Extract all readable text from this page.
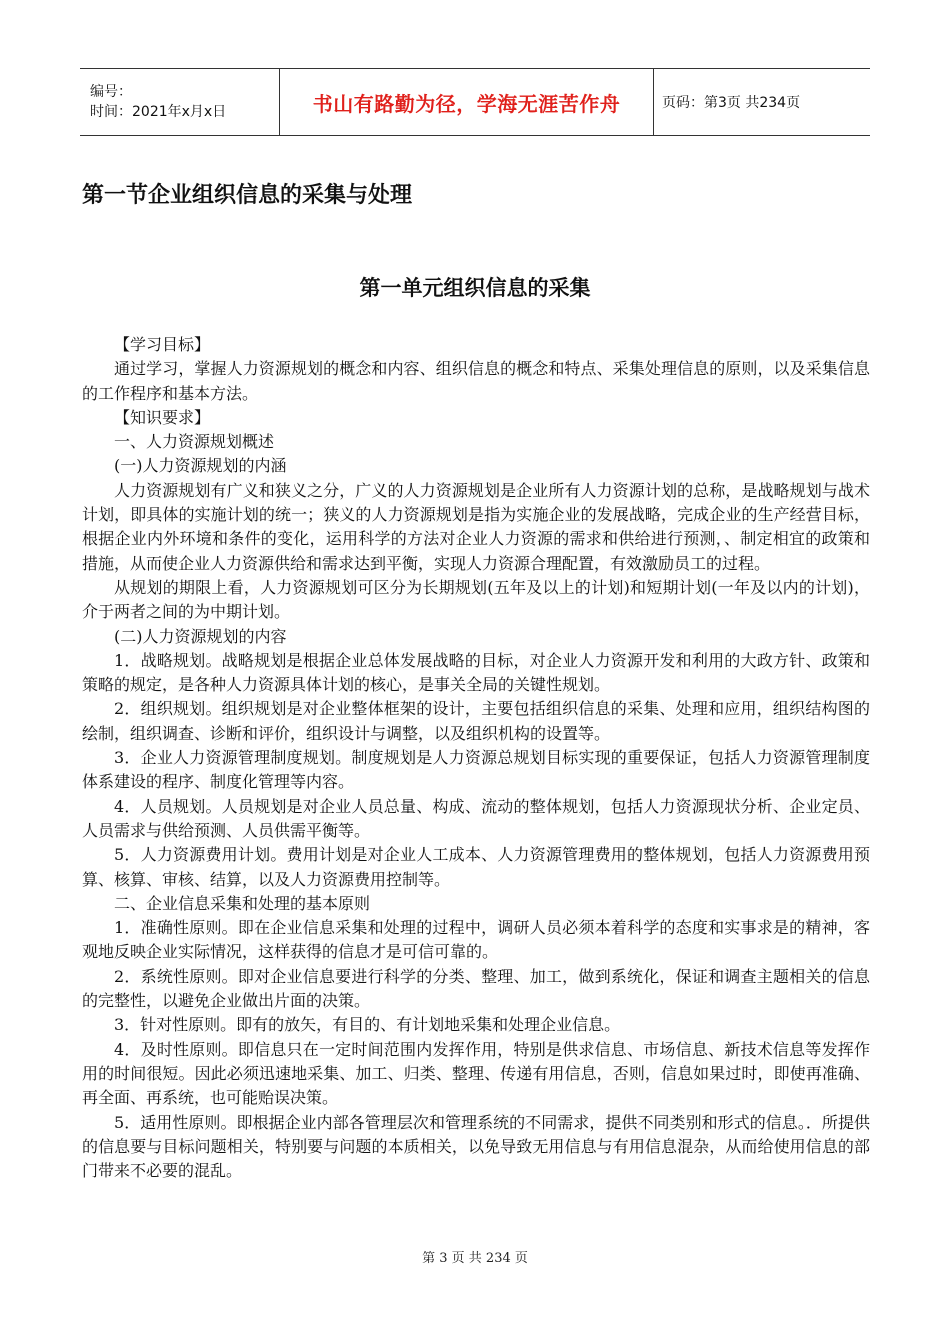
编号：
时间：2021年x月x日	书山有路勤为径，学海无涯苦作舟	页码：第3页 共234页
第一节企业组织信息的采集与处理
第一单元组织信息的采集

【学习目标】

通过学习，掌握人力资源规划的概念和内容、组织信息的概念和特点、采集处理信息的原则，以及采集信息的工作程序和基本方法。

【知识要求】

一、人力资源规划概述

(一)人力资源规划的内涵

人力资源规划有广义和狭义之分，广义的人力资源规划是企业所有人力资源计划的总称，是战略规划与战术计划，即具体的实施计划的统一；狭义的人力资源规划是指为实施企业的发展战略，完成企业的生产经营目标，根据企业内外环境和条件的变化，运用科学的方法对企业人力资源的需求和供给进行预测，、制定相宜的政策和措施，从而使企业人力资源供给和需求达到平衡，实现人力资源合理配置，有效激励员工的过程。

从规划的期限上看，人力资源规划可区分为长期规划(五年及以上的计划)和短期计划(一年及以内的计划)，介于两者之间的为中期计划。

(二)人力资源规划的内容

1．战略规划。战略规划是根据企业总体发展战略的目标，对企业人力资源开发和利用的大政方针、政策和策略的规定，是各种人力资源具体计划的核心，是事关全局的关键性规划。

2．组织规划。组织规划是对企业整体框架的设计，主要包括组织信息的采集、处理和应用，组织结构图的绘制，组织调查、诊断和评价，组织设计与调整，以及组织机构的设置等。

3．企业人力资源管理制度规划。制度规划是人力资源总规划目标实现的重要保证，包括人力资源管理制度体系建设的程序、制度化管理等内容。

4．人员规划。人员规划是对企业人员总量、构成、流动的整体规划，包括人力资源现状分析、企业定员、人员需求与供给预测、人员供需平衡等。

5．人力资源费用计划。费用计划是对企业人工成本、人力资源管理费用的整体规划，包括人力资源费用预算、核算、审核、结算，以及人力资源费用控制等。

二、企业信息采集和处理的基本原则

1．准确性原则。即在企业信息采集和处理的过程中，调研人员必须本着科学的态度和实事求是的精神，客观地反映企业实际情况，这样获得的信息才是可信可靠的。

2．系统性原则。即对企业信息要进行科学的分类、整理、加工，做到系统化，保证和调查主题相关的信息的完整性，以避免企业做出片面的决策。

3．针对性原则。即有的放矢，有目的、有计划地采集和处理企业信息。

4．及时性原则。即信息只在一定时间范围内发挥作用，特别是供求信息、市场信息、新技术信息等发挥作用的时间很短。因此必须迅速地采集、加工、归类、整理、传递有用信息，否则，信息如果过时，即使再准确、再全面、再系统，也可能贻误决策。

5．适用性原则。即根据企业内部各管理层次和管理系统的不同需求，提供不同类别和形式的信息。．所提供的信息要与目标问题相关，特别要与问题的本质相关，以免导致无用信息与有用信息混杂，从而给使用信息的部门带来不必要的混乱。

第 3 页 共 234 页
